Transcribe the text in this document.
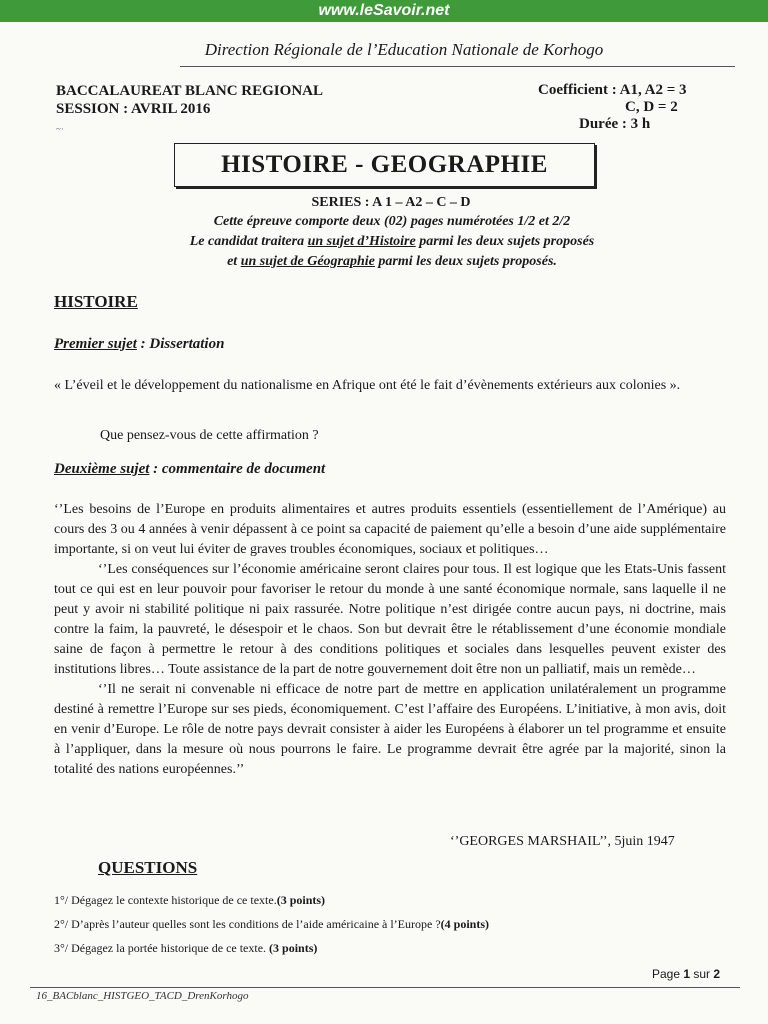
www.leSavoir.net
Direction Régionale de l’Education Nationale de Korhogo
BACCALAUREAT BLANC REGIONAL
SESSION : AVRIL 2016
Coefficient : A1, A2 = 3
C, D = 2
Durée : 3 h
~·
HISTOIRE - GEOGRAPHIE
SERIES : A 1 – A2 – C – D
Cette épreuve comporte deux (02) pages numérotées 1/2 et 2/2
Le candidat traitera un sujet d’Histoire parmi les deux sujets proposés
et un sujet de Géographie parmi les deux sujets proposés.
HISTOIRE
Premier sujet : Dissertation
« L’éveil et le développement du nationalisme en Afrique ont été le fait d’évènements extérieurs aux colonies ».
Que pensez-vous de cette affirmation ?
Deuxième sujet : commentaire de document

‘’Les besoins de l’Europe en produits alimentaires et autres produits essentiels (essentiellement de l’Amérique) au cours des 3 ou 4 années à venir dépassent à ce point sa capacité de paiement qu’elle a besoin d’une aide supplémentaire importante, si on veut lui éviter de graves troubles économiques, sociaux et politiques…

‘’Les conséquences sur l’économie américaine seront claires pour tous. Il est logique que les Etats-Unis fassent tout ce qui est en leur pouvoir pour favoriser le retour du monde à une santé économique normale, sans laquelle il ne peut y avoir ni stabilité politique ni paix rassurée. Notre politique n’est dirigée contre aucun pays, ni doctrine, mais contre la faim, la pauvreté, le désespoir et le chaos. Son but devrait être le rétablissement d’une économie mondiale saine de façon à permettre le retour à des conditions politiques et sociales dans lesquelles peuvent exister des institutions libres… Toute assistance de la part de notre gouvernement doit être non un palliatif, mais un remède…

‘’Il ne serait ni convenable ni efficace de notre part de mettre en application unilatéralement un programme destiné à remettre l’Europe sur ses pieds, économiquement. C’est l’affaire des Européens. L’initiative, à mon avis, doit en venir d’Europe. Le rôle de notre pays devrait consister à aider les Européens à élaborer un tel programme et ensuite à l’appliquer, dans la mesure où nous pourrons le faire. Le programme devrait être agrée par la majorité, sinon la totalité des nations européennes.’’

‘’GEORGES MARSHAIL’’, 5juin 1947
QUESTIONS
1°/ Dégagez le contexte historique de ce texte.(3 points)
2°/ D’après l’auteur quelles sont les conditions de l’aide américaine à l’Europe ?(4 points)
3°/ Dégagez la portée historique de ce texte. (3 points)
Page 1 sur 2
16_BACblanc_HISTGEO_TACD_DrenKorhogo
